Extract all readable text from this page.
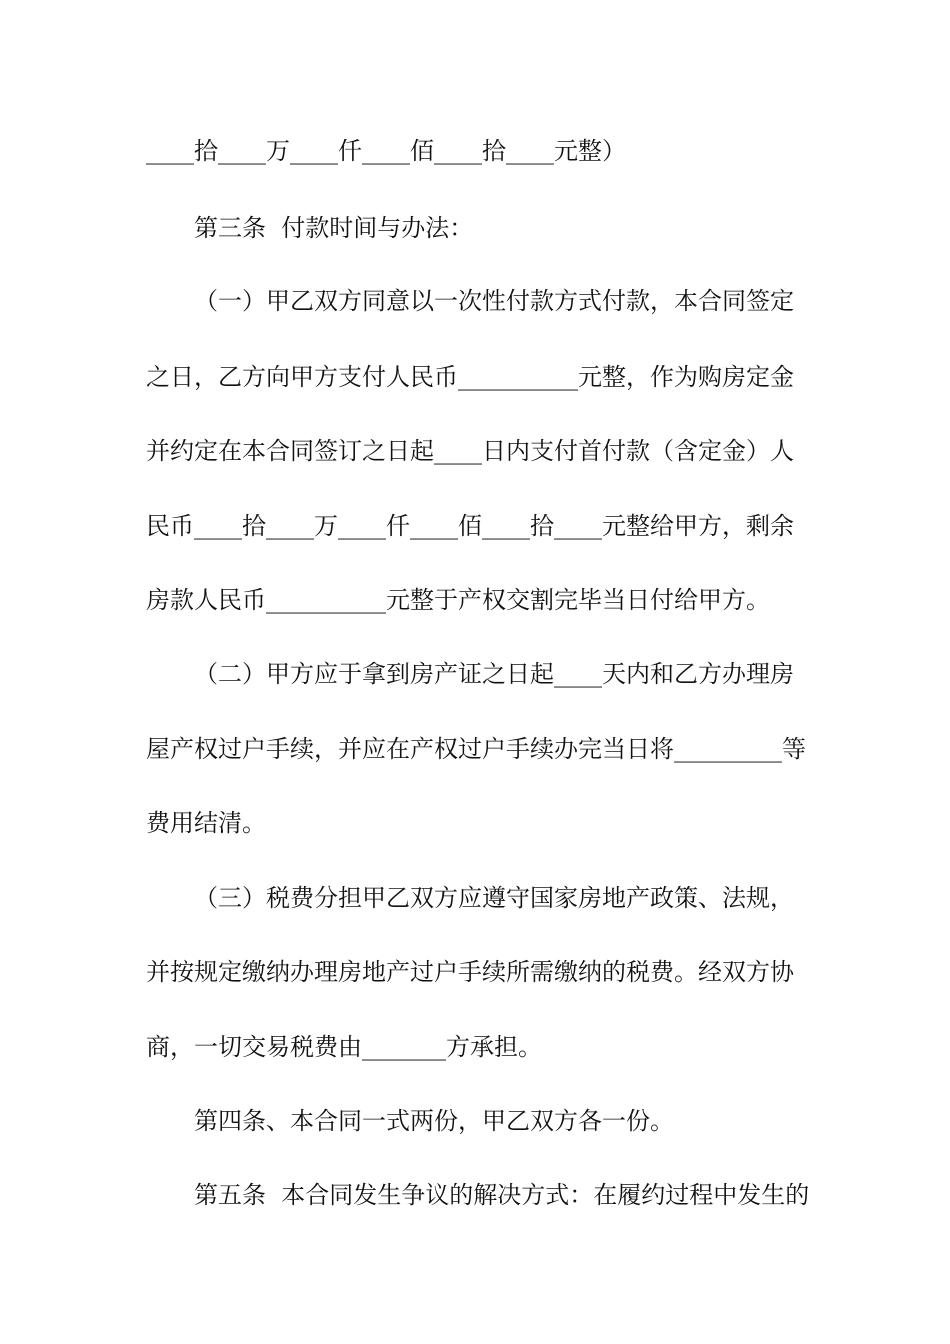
____拾____万____仟____佰____拾____元整）
第三条  付款时间与办法：
（一）甲乙双方同意以一次性付款方式付款，本合同签定
之日，乙方向甲方支付人民币__________元整，作为购房定金
并约定在本合同签订之日起____日内支付首付款（含定金）人
民币____拾____万____仟____佰____拾____元整给甲方，剩余
房款人民币__________元整于产权交割完毕当日付给甲方。
（二）甲方应于拿到房产证之日起____天内和乙方办理房
屋产权过户手续，并应在产权过户手续办完当日将_________等
费用结清。
（三）税费分担甲乙双方应遵守国家房地产政策、法规，
并按规定缴纳办理房地产过户手续所需缴纳的税费。经双方协
商，一切交易税费由_______方承担。
第四条、本合同一式两份，甲乙双方各一份。
第五条  本合同发生争议的解决方式：在履约过程中发生的
